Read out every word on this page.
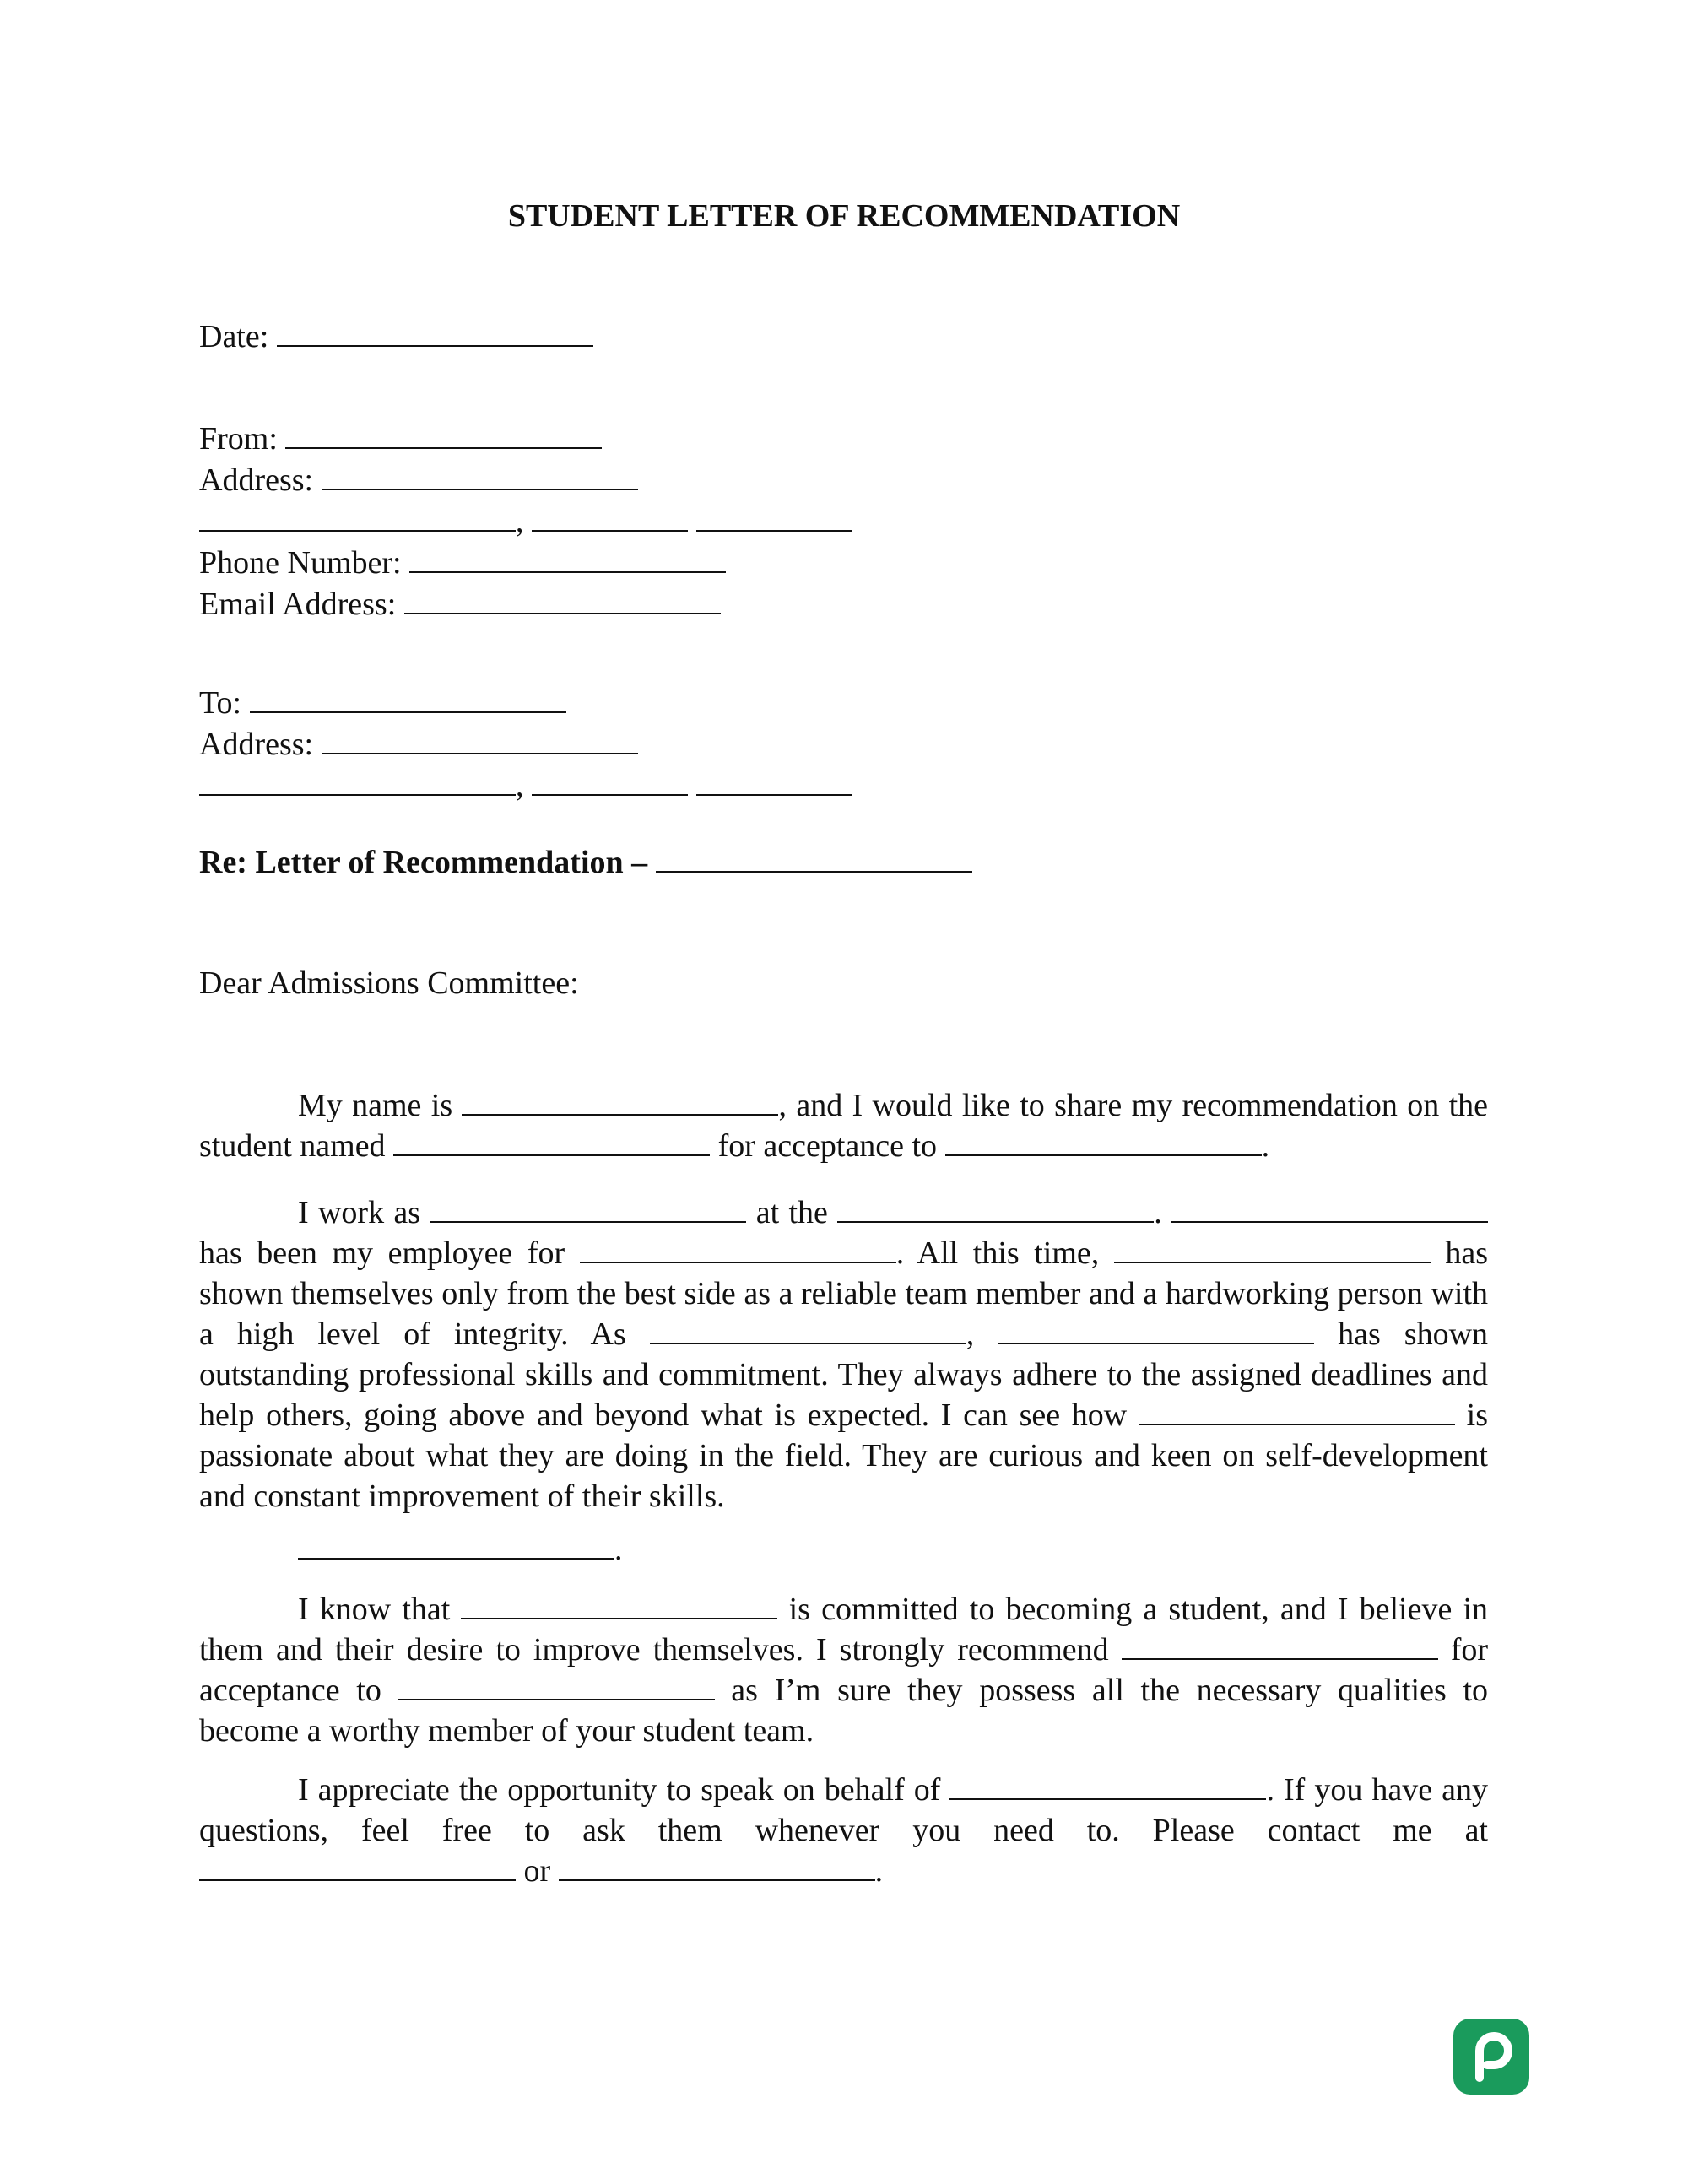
STUDENT LETTER OF RECOMMENDATION
Date:
From:
Address:
,
Phone Number:
Email Address:
To:
Address:
,
Re: Letter of Recommendation –
Dear Admissions Committee:
My name is	, and I would like to share my recommendation on the student named	for acceptance to	.
I work as	at the	.  has been my employee for	. All this time,	has shown themselves only from the best side as a reliable team member and a hardworking person with a high level of integrity. As	,	has shown outstanding professional skills and commitment. They always adhere to the assigned deadlines and help others, going above and beyond what is expected. I can see how	is passionate about what they are doing in the field. They are curious and keen on self-development and constant improvement of their skills.
.
I know that	is committed to becoming a student, and I believe in them and their desire to improve themselves. I strongly recommend	for acceptance to	as I’m sure they possess all the necessary qualities to become a worthy member of your student team.
I appreciate the opportunity to speak on behalf of	. If you have any questions, feel free to ask them whenever you need to. Please contact me at  or	.
